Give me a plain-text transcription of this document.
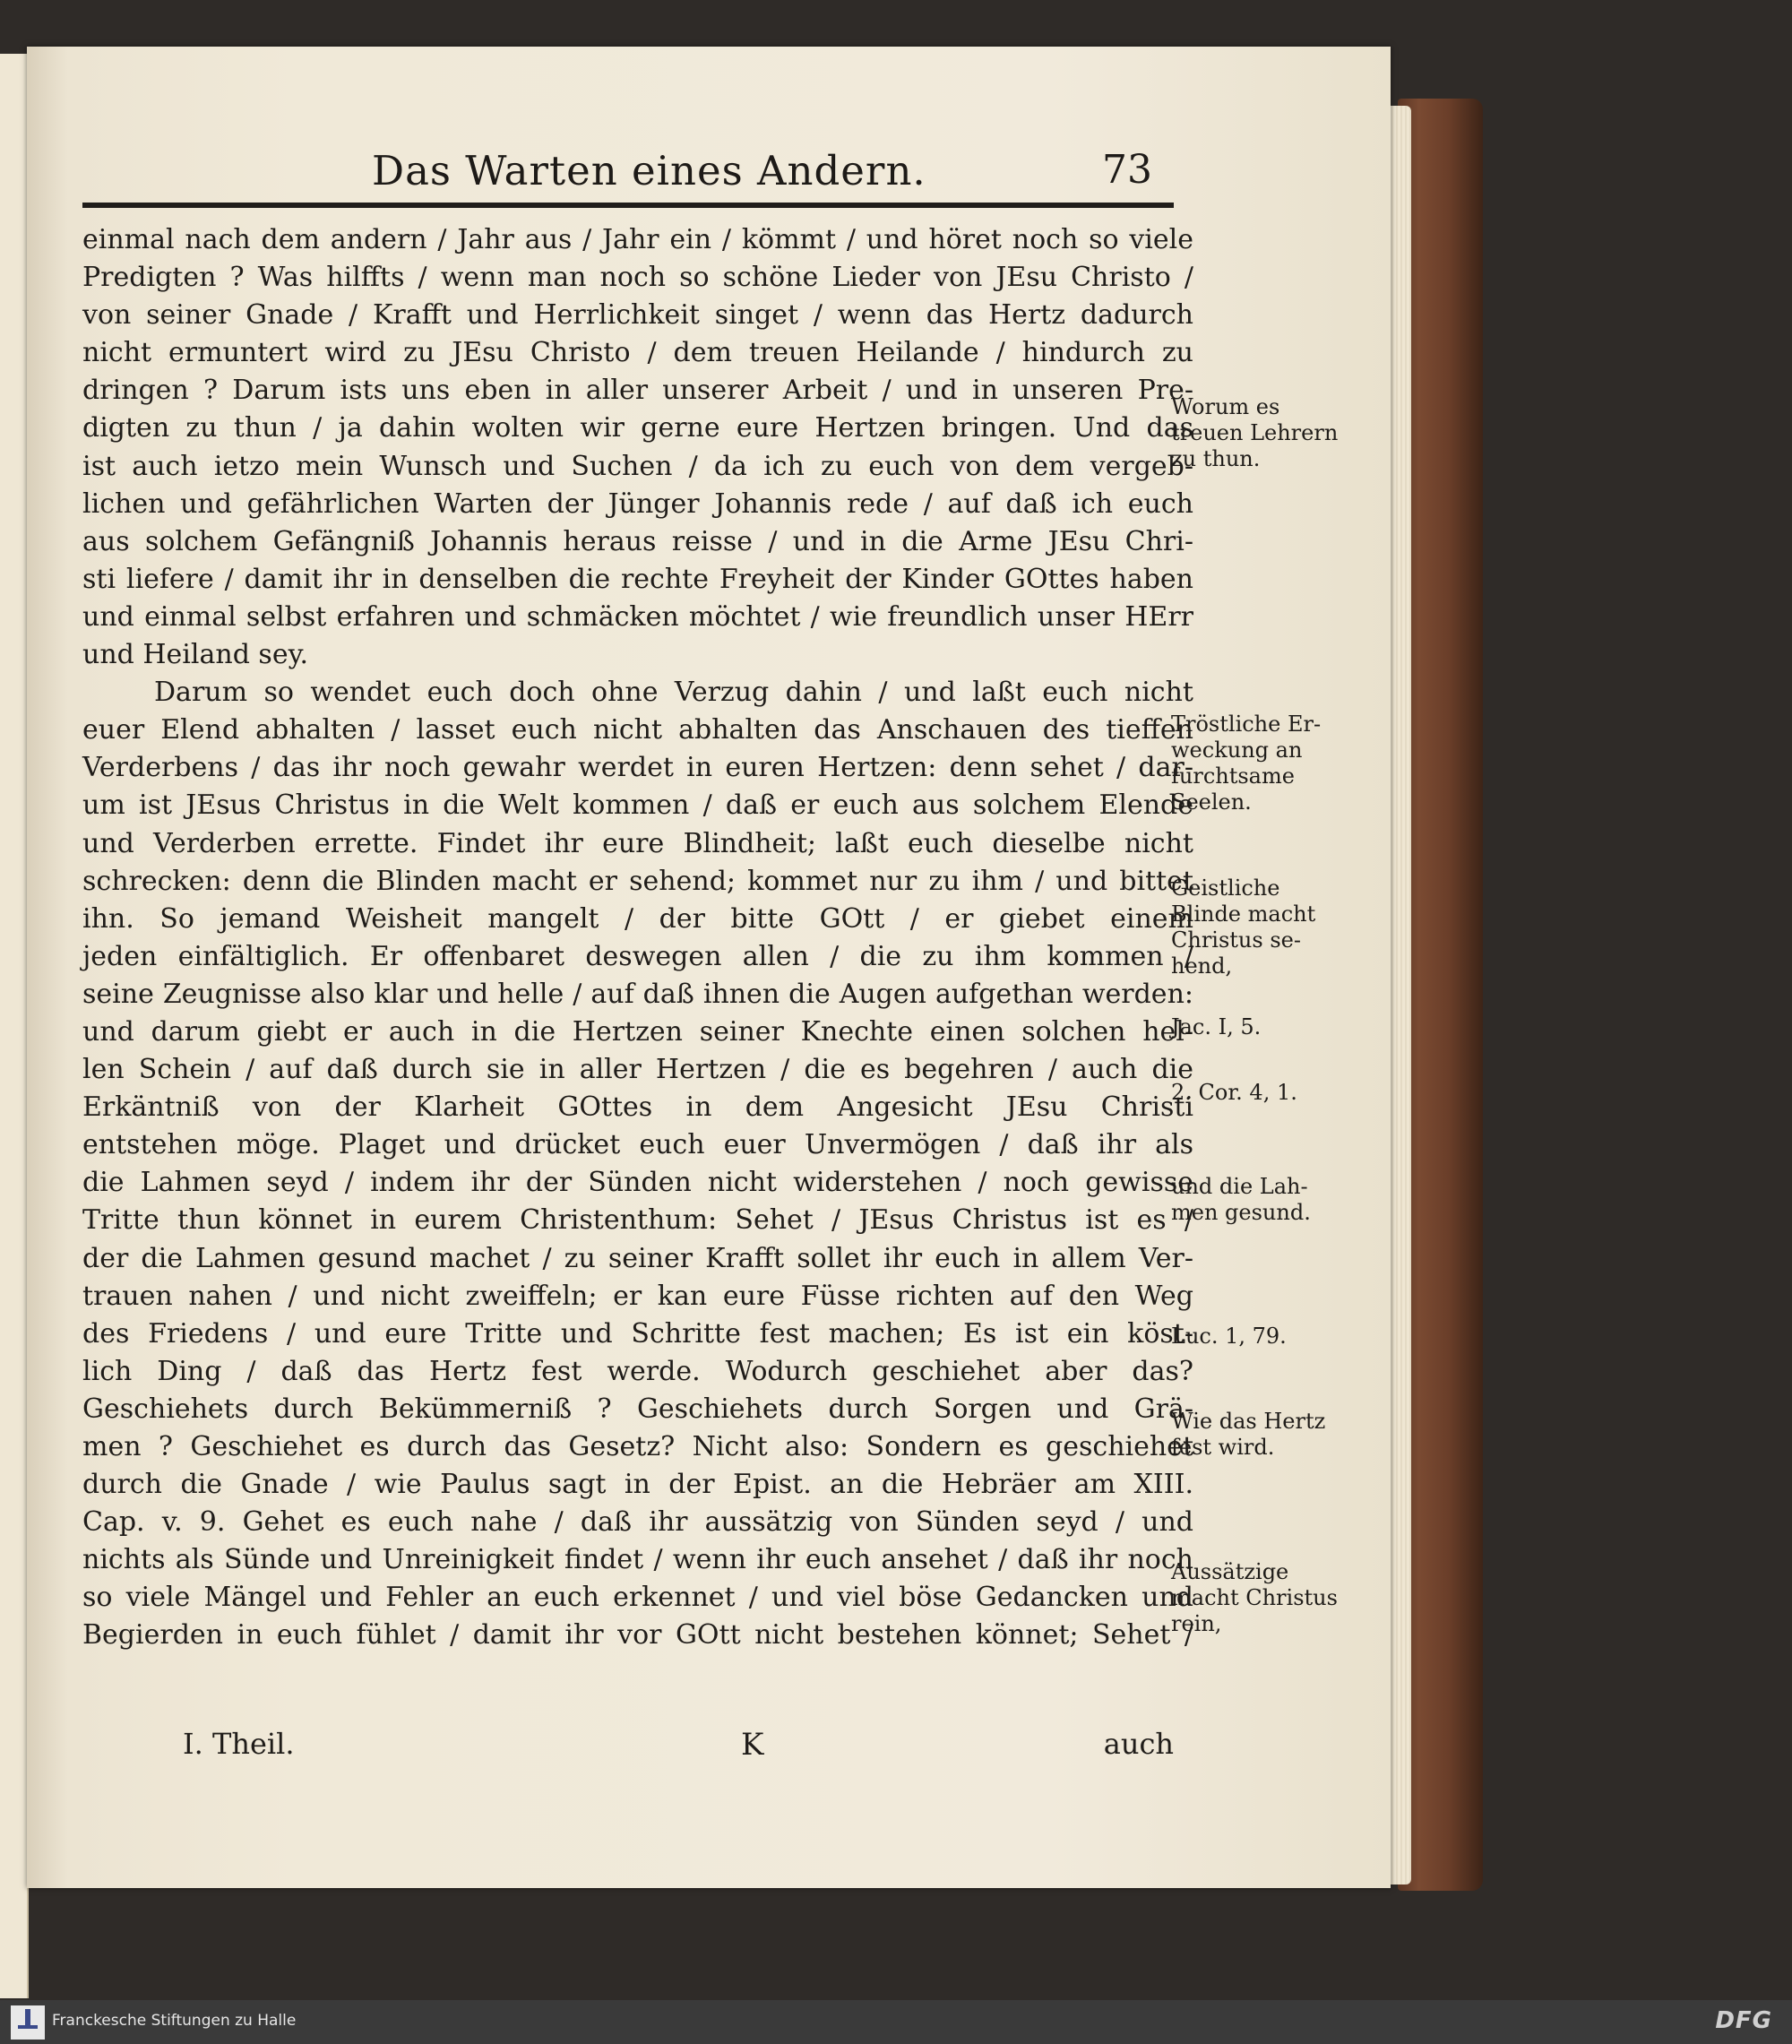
Das Warten eines Andern.	73
einmal nach dem andern / Jahr aus / Jahr ein / kömmt / und höret noch so viele
Predigten ? Was hilffts / wenn man noch so schöne Lieder von JEsu Christo /
von seiner Gnade / Krafft und Herrlichkeit singet / wenn das Hertz dadurch
nicht ermuntert wird zu JEsu Christo / dem treuen Heilande / hindurch zu
dringen ? Darum ists uns eben in aller unserer Arbeit / und in unseren Pre-
digten zu thun / ja dahin wolten wir gerne eure Hertzen bringen. Und das
ist auch ietzo mein Wunsch und Suchen / da ich zu euch von dem vergeb-
lichen und gefährlichen Warten der Jünger Johannis rede / auf daß ich euch
aus solchem Gefängniß Johannis heraus reisse / und in die Arme JEsu Chri-
sti liefere / damit ihr in denselben die rechte Freyheit der Kinder GOttes haben
und einmal selbst erfahren und schmäcken möchtet / wie freundlich unser HErr
und Heiland sey.
Darum so wendet euch doch ohne Verzug dahin / und laßt euch nicht
euer Elend abhalten / lasset euch nicht abhalten das Anschauen des tieffen
Verderbens / das ihr noch gewahr werdet in euren Hertzen: denn sehet / dar-
um ist JEsus Christus in die Welt kommen / daß er euch aus solchem Elende
und Verderben errette. Findet ihr eure Blindheit; laßt euch dieselbe nicht
schrecken: denn die Blinden macht er sehend; kommet nur zu ihm / und bittet
ihn. So jemand Weisheit mangelt / der bitte GOtt / er giebet einem
jeden einfältiglich. Er offenbaret deswegen allen / die zu ihm kommen /
seine Zeugnisse also klar und helle / auf daß ihnen die Augen aufgethan werden:
und darum giebt er auch in die Hertzen seiner Knechte einen solchen hel-
len Schein / auf daß durch sie in aller Hertzen / die es begehren / auch die
Erkäntniß von der Klarheit GOttes in dem Angesicht JEsu Christi
entstehen möge. Plaget und drücket euch euer Unvermögen / daß ihr als
die Lahmen seyd / indem ihr der Sünden nicht widerstehen / noch gewisse
Tritte thun könnet in eurem Christenthum: Sehet / JEsus Christus ist es /
der die Lahmen gesund machet / zu seiner Krafft sollet ihr euch in allem Ver-
trauen nahen / und nicht zweiffeln; er kan eure Füsse richten auf den Weg
des Friedens / und eure Tritte und Schritte fest machen; Es ist ein köst-
lich Ding / daß das Hertz fest werde. Wodurch geschiehet aber das?
Geschiehets durch Bekümmerniß ? Geschiehets durch Sorgen und Grä-
men ? Geschiehet es durch das Gesetz? Nicht also: Sondern es geschiehet
durch die Gnade / wie Paulus sagt in der Epist. an die Hebräer am XIII.
Cap. v. 9. Gehet es euch nahe / daß ihr aussätzig von Sünden seyd / und
nichts als Sünde und Unreinigkeit findet / wenn ihr euch ansehet / daß ihr noch
so viele Mängel und Fehler an euch erkennet / und viel böse Gedancken und
Begierden in euch fühlet / damit ihr vor GOtt nicht bestehen könnet; Sehet /
Worum es
treuen Lehrern
zu thun.
Tröstliche Er-
weckung an
furchtsame
Seelen.
Geistliche
Blinde macht
Christus se-
hend,
Jac. I, 5.
2. Cor. 4, 1.
und die Lah-
men gesund.
Luc. 1, 79.
Wie das Hertz
fest wird.
Aussätzige
macht Christus
rein,
I. Theil.	K	auch
Franckesche Stiftungen zu Halle	DFG
